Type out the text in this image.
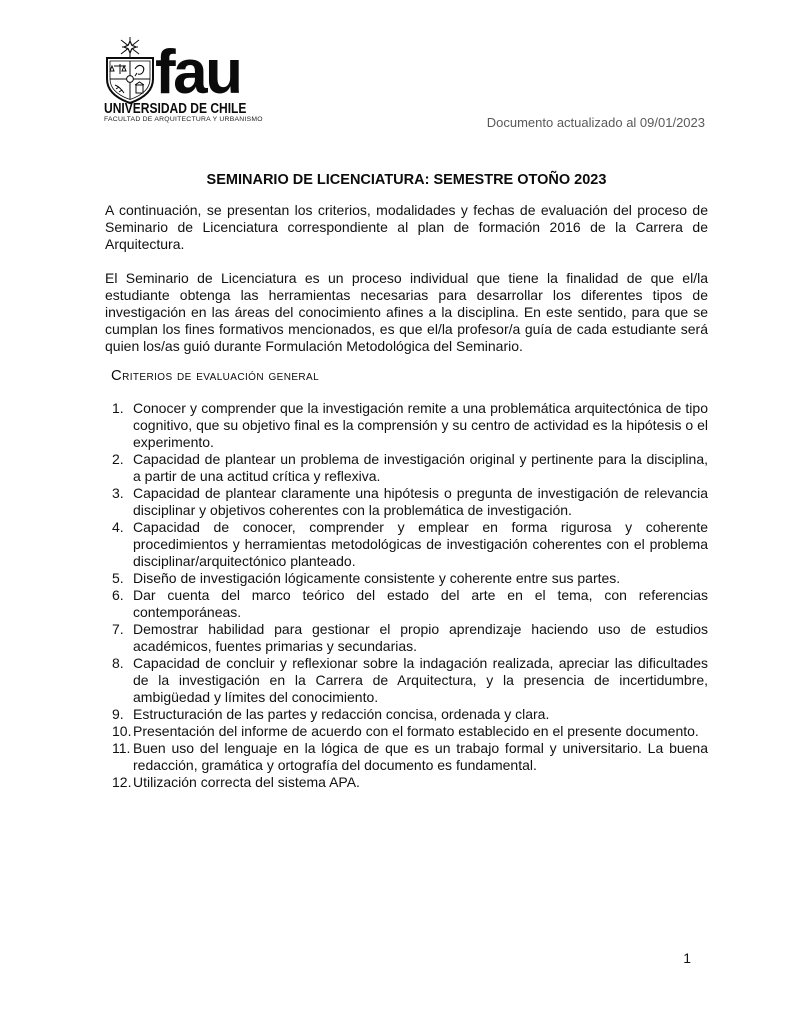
fau
UNIVERSIDAD DE CHILE
FACULTAD DE ARQUITECTURA Y URBANISMO	Documento actualizado al 09/01/2023
SEMINARIO DE LICENCIATURA: SEMESTRE OTOÑO 2023

A continuación, se presentan los criterios, modalidades y fechas de evaluación del proceso de Seminario de Licenciatura correspondiente al plan de formación 2016 de la Carrera de Arquitectura.

El Seminario de Licenciatura es un proceso individual que tiene la finalidad de que el/la estudiante obtenga las herramientas necesarias para desarrollar los diferentes tipos de investigación en las áreas del conocimiento afines a la disciplina. En este sentido, para que se cumplan los fines formativos mencionados, es que el/la profesor/a guía de cada estudiante será quien los/as guió durante Formulación Metodológica del Seminario.

Criterios de evaluación general
1. Conocer y comprender que la investigación remite a una problemática arquitectónica de tipo cognitivo, que su objetivo final es la comprensión y su centro de actividad es la hipótesis o el experimento.
2. Capacidad de plantear un problema de investigación original y pertinente para la disciplina, a partir de una actitud crítica y reflexiva.
3. Capacidad de plantear claramente una hipótesis o pregunta de investigación de relevancia disciplinar y objetivos coherentes con la problemática de investigación.
4. Capacidad de conocer, comprender y emplear en forma rigurosa y coherente procedimientos y herramientas metodológicas de investigación coherentes con el problema disciplinar/arquitectónico planteado.
5. Diseño de investigación lógicamente consistente y coherente entre sus partes.
6. Dar cuenta del marco teórico del estado del arte en el tema, con referencias contemporáneas.
7. Demostrar habilidad para gestionar el propio aprendizaje haciendo uso de estudios académicos, fuentes primarias y secundarias.
8. Capacidad de concluir y reflexionar sobre la indagación realizada, apreciar las dificultades de la investigación en la Carrera de Arquitectura, y la presencia de incertidumbre, ambigüedad y límites del conocimiento.
9. Estructuración de las partes y redacción concisa, ordenada y clara.
10. Presentación del informe de acuerdo con el formato establecido en el presente documento.
11. Buen uso del lenguaje en la lógica de que es un trabajo formal y universitario. La buena redacción, gramática y ortografía del documento es fundamental.
12. Utilización correcta del sistema APA.
1
